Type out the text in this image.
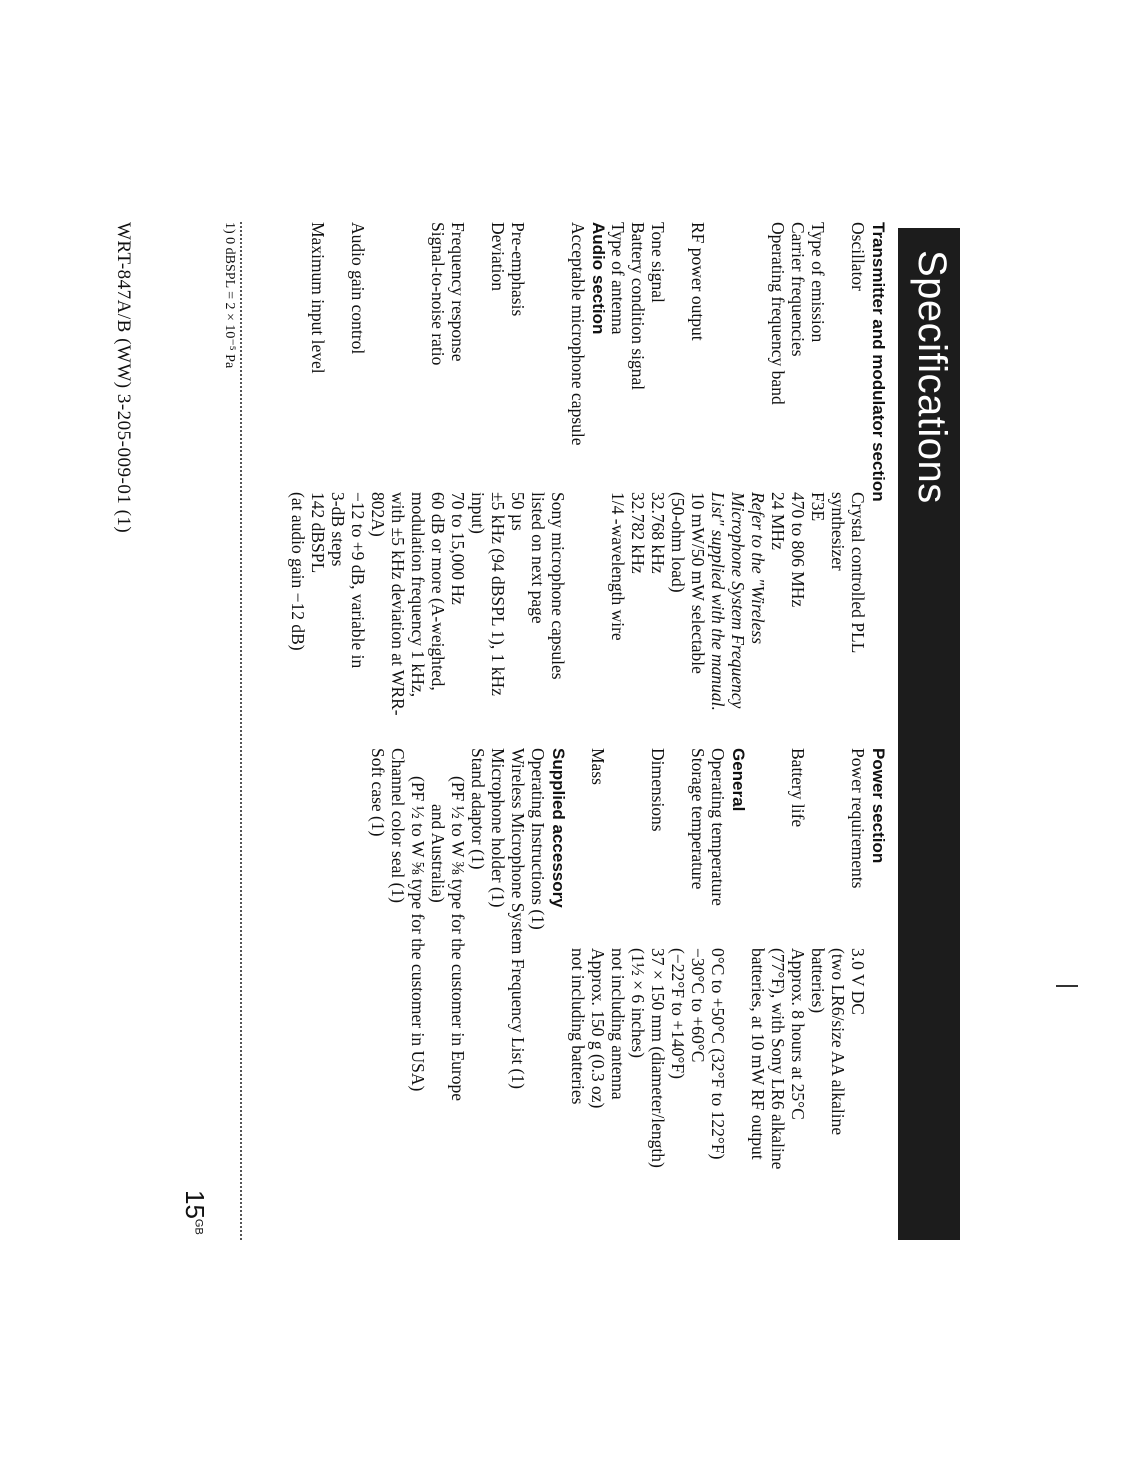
Specifications
Transmitter and modulator section
Oscillator
Crystal controlled PLL
synthesizer
Type of emission
F3E
Carrier frequencies
470 to 806 MHz
Operating frequency band
24 MHz
Refer to the "Wireless
Microphone System Frequency
List" supplied with the manual.
RF power output
10 mW/50 mW selectable
(50-ohm load)
Tone signal
32.768 kHz
Battery condition signal
32.782 kHz
Type of antenna
1/4 -wavelength wire
Audio section
Acceptable microphone capsule
Sony microphone capsules
listed on next page
Pre-emphasis
50 µs
Deviation
±5 kHz (94 dBSPL 1), 1 kHz input)
Frequency response
70 to 15,000 Hz
Signal-to-noise ratio
60 dB or more (A-weighted,
modulation frequency 1 kHz,
with ±5 kHz deviation at WRR-
802A)
Audio gain control
−12 to +9 dB, variable in
3-dB steps
Maximum input level
142 dBSPL
(at audio gain −12 dB)
Power section
Power requirements
3.0 V DC
(two LR6/size AA alkaline
batteries)
Battery life
Approx. 8 hours at 25°C
(77°F), with Sony LR6 alkaline
batteries, at 10 mW RF output
General
Operating temperature
0°C to +50°C (32°F to 122°F)
Storage temperature
−30°C to +60°C
(−22°F to +140°F)
Dimensions
37 × 150 mm (diameter/length)
(1½ × 6 inches)
not including antenna
Mass
Approx. 150 g (0.3 oz)
not including batteries
Supplied accessory
Operating Instructions (1)
Wireless Microphone System Frequency List (1)
Microphone holder (1)
Stand adaptor (1)
(PF ½ to W ⅜ type for the customer in Europe
and Australia)
(PF ½ to W ⅝ type for the customer in USA)
Channel color seal (1)
Soft case (1)
1) 0 dBSPL = 2 × 10⁻⁵ Pa
$15^{GB}$
WRT-847A/B (WW) 3-205-009-01 (1)
